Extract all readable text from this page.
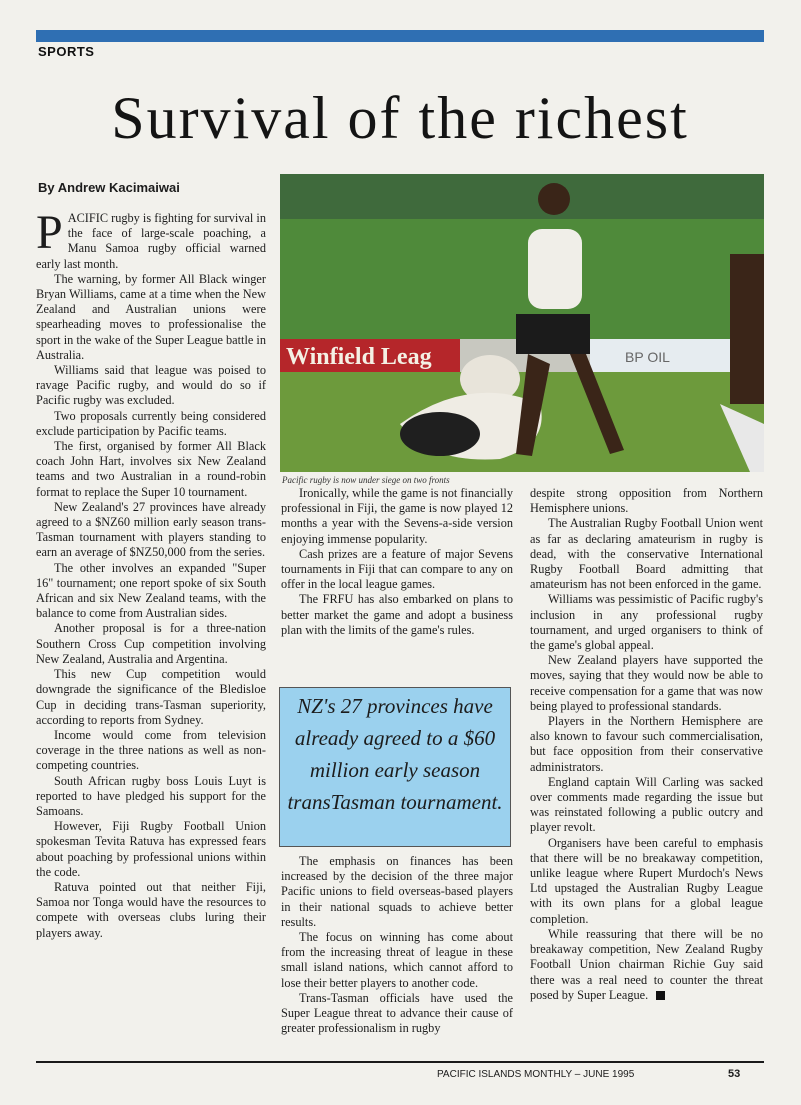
SPORTS
Survival of the richest
By Andrew Kacimaiwai

PACIFIC rugby is fighting for survival in the face of large-scale poaching, a Manu Samoa rugby official warned early last month.

The warning, by former All Black winger Bryan Williams, came at a time when the New Zealand and Australian unions were spearheading moves to professionalise the sport in the wake of the Super League battle in Australia.

Williams said that league was poised to ravage Pacific rugby, and would do so if Pacific rugby was excluded.

Two proposals currently being considered exclude participation by Pacific teams.

The first, organised by former All Black coach John Hart, involves six New Zealand teams and two Australian in a round-robin format to replace the Super 10 tournament.

New Zealand's 27 provinces have already agreed to a $NZ60 million early season trans-Tasman tournament with players standing to earn an average of $NZ50,000 from the series.

The other involves an expanded "Super 16" tournament; one report spoke of six South African and six New Zealand teams, with the balance to come from Australian sides.

Another proposal is for a three-nation Southern Cross Cup competition involving New Zealand, Australia and Argentina.

This new Cup competition would downgrade the significance of the Bledisloe Cup in deciding trans-Tasman superiority, according to reports from Sydney.

Income would come from television coverage in the three nations as well as non-competing countries.

South African rugby boss Louis Luyt is reported to have pledged his support for the Samoans.

However, Fiji Rugby Football Union spokesman Tevita Ratuva has expressed fears about poaching by professional unions within the code.

Ratuva pointed out that neither Fiji, Samoa nor Tonga would have the resources to compete with overseas clubs luring their players away.

Winfield Leag	BP OIL
Pacific rugby is now under siege on two fronts

Ironically, while the game is not financially professional in Fiji, the game is now played 12 months a year with the Sevens-a-side version enjoying immense popularity.

Cash prizes are a feature of major Sevens tournaments in Fiji that can compare to any on offer in the local league games.

The FRFU has also embarked on plans to better market the game and adopt a business plan with the limits of the game's rules.

NZ's 27 provinces have already agreed to a $60 million early season transTasman tournament.

The emphasis on finances has been increased by the decision of the three major Pacific unions to field overseas-based players in their national squads to achieve better results.

The focus on winning has come about from the increasing threat of league in these small island nations, which cannot afford to lose their better players to another code.

Trans-Tasman officials have used the Super League threat to advance their cause of greater professionalism in rugby

despite strong opposition from Northern Hemisphere unions.

The Australian Rugby Football Union went as far as declaring amateurism in rugby is dead, with the conservative International Rugby Football Board admitting that amateurism has not been enforced in the game.

Williams was pessimistic of Pacific rugby's inclusion in any professional rugby tournament, and urged organisers to think of the game's global appeal.

New Zealand players have supported the moves, saying that they would now be able to receive compensation for a game that was now being played to professional standards.

Players in the Northern Hemisphere are also known to favour such commercialisation, but face opposition from their conservative administrators.

England captain Will Carling was sacked over comments made regarding the issue but was reinstated following a public outcry and player revolt.

Organisers have been careful to emphasis that there will be no breakaway competition, unlike league where Rupert Murdoch's News Ltd upstaged the Australian Rugby League with its own plans for a global league completion.

While reassuring that there will be no breakaway competition, New Zealand Rugby Football Union chairman Richie Guy said there was a real need to counter the threat posed by Super League.

PACIFIC ISLANDS MONTHLY – JUNE 1995	53
